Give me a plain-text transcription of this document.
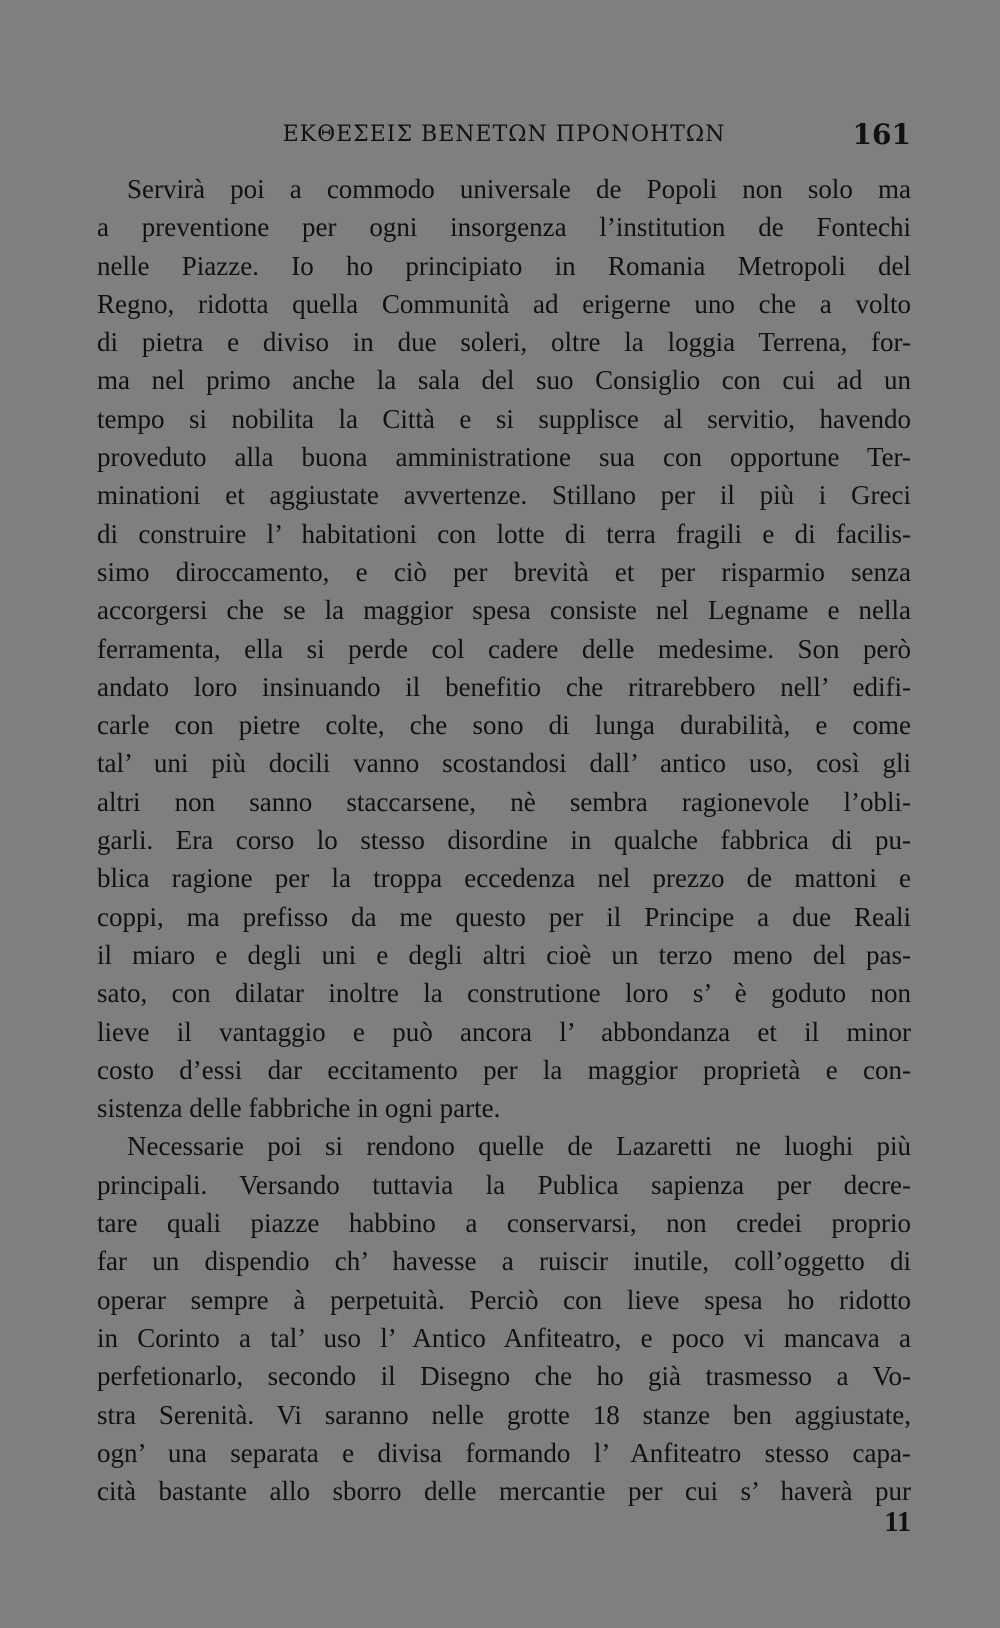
ΕΚΘΕΣΕΙΣ ΒΕΝΕΤΩΝ ΠΡΟΝΟΗΤΩΝ	161
Servirà poi a commodo universale de Popoli non solo ma
a preventione per ogni insorgenza l’institution de Fontechi
nelle Piazze. Io ho principiato in Romania Metropoli del
Regno, ridotta quella Communità ad erigerne uno che a volto
di pietra e diviso in due soleri, oltre la loggia Terrena, for-
ma nel primo anche la sala del suo Consiglio con cui ad un
tempo si nobilita la Città e si supplisce al servitio, havendo
proveduto alla buona amministratione sua con opportune Ter-
minationi et aggiustate avvertenze. Stillano per il più i Greci
di construire l’ habitationi con lotte di terra fragili e di facilis-
simo diroccamento, e ciò per brevità et per risparmio senza
accorgersi che se la maggior spesa consiste nel Legname e nella
ferramenta, ella si perde col cadere delle medesime. Son però
andato loro insinuando il benefitio che ritrarebbero nell’ edifi-
carle con pietre colte, che sono di lunga durabilità, e come
tal’ uni più docili vanno scostandosi dall’ antico uso, così gli
altri non sanno staccarsene, nè sembra ragionevole l’obli-
garli. Era corso lo stesso disordine in qualche fabbrica di pu-
blica ragione per la troppa eccedenza nel prezzo de mattoni e
coppi, ma prefisso da me questo per il Principe a due Reali
il miaro e degli uni e degli altri cioè un terzo meno del pas-
sato, con dilatar inoltre la construtione loro s’ è goduto non
lieve il vantaggio e può ancora l’ abbondanza et il minor
costo d’essi dar eccitamento per la maggior proprietà e con-
sistenza delle fabbriche in ogni parte.
Necessarie poi si rendono quelle de Lazaretti ne luoghi più
principali. Versando tuttavia la Publica sapienza per decre-
tare quali piazze habbino a conservarsi, non credei proprio
far un dispendio ch’ havesse a ruiscir inutile, coll’oggetto di
operar sempre à perpetuità. Perciò con lieve spesa ho ridotto
in Corinto a tal’ uso l’ Antico Anfiteatro, e poco vi mancava a
perfetionarlo, secondo il Disegno che ho già trasmesso a Vo-
stra Serenità. Vi saranno nelle grotte 18 stanze ben aggiustate,
ogn’ una separata e divisa formando l’ Anfiteatro stesso capa-
cità bastante allo sborro delle mercantie per cui s’ haverà pur
11
